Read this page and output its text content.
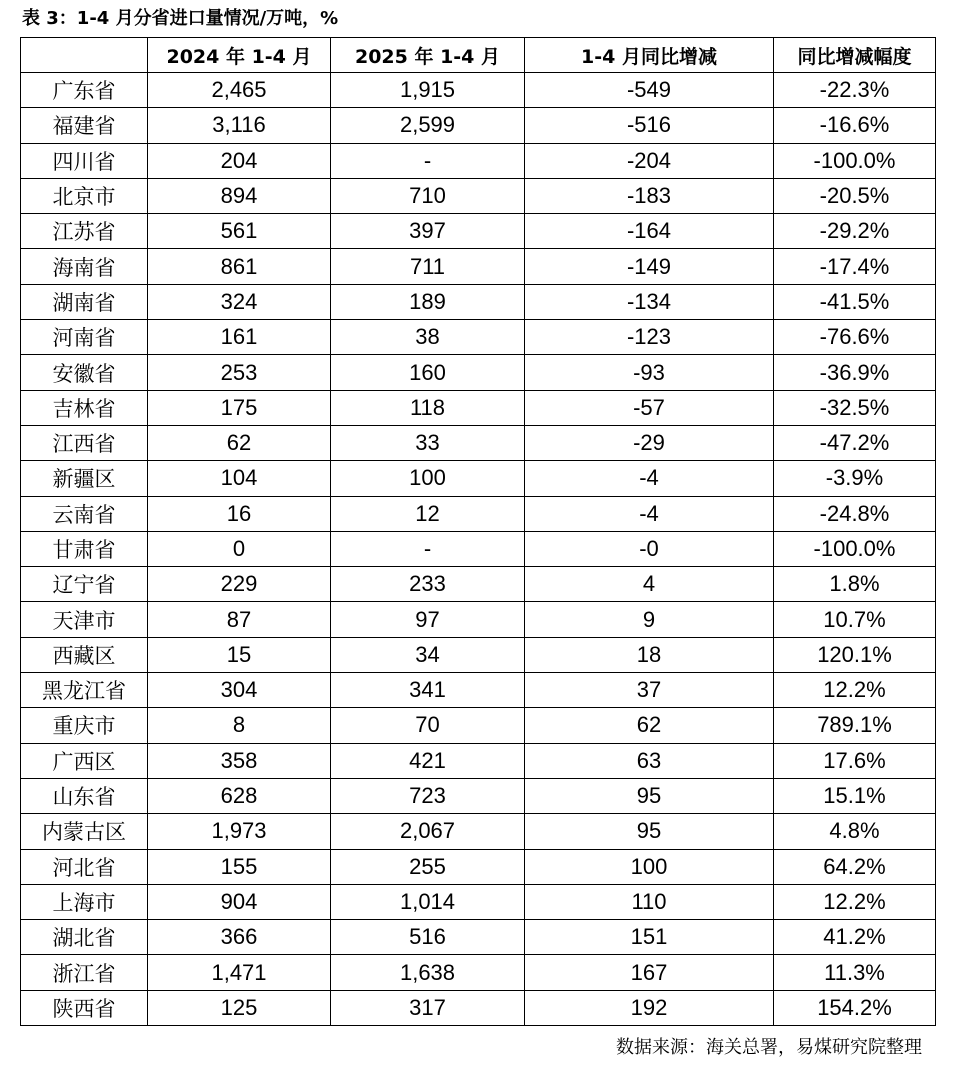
表 3：1-4 月分省进口量情况/万吨，%
	2024 年 1-4 月	2025 年 1-4 月	1-4 月同比增减	同比增减幅度
广东省	2,465	1,915	-549	-22.3%
福建省	3,116	2,599	-516	-16.6%
四川省	204	-	-204	-100.0%
北京市	894	710	-183	-20.5%
江苏省	561	397	-164	-29.2%
海南省	861	711	-149	-17.4%
湖南省	324	189	-134	-41.5%
河南省	161	38	-123	-76.6%
安徽省	253	160	-93	-36.9%
吉林省	175	118	-57	-32.5%
江西省	62	33	-29	-47.2%
新疆区	104	100	-4	-3.9%
云南省	16	12	-4	-24.8%
甘肃省	0	-	-0	-100.0%
辽宁省	229	233	4	1.8%
天津市	87	97	9	10.7%
西藏区	15	34	18	120.1%
黑龙江省	304	341	37	12.2%
重庆市	8	70	62	789.1%
广西区	358	421	63	17.6%
山东省	628	723	95	15.1%
内蒙古区	1,973	2,067	95	4.8%
河北省	155	255	100	64.2%
上海市	904	1,014	110	12.2%
湖北省	366	516	151	41.2%
浙江省	1,471	1,638	167	11.3%
陕西省	125	317	192	154.2%
数据来源：海关总署，易煤研究院整理
